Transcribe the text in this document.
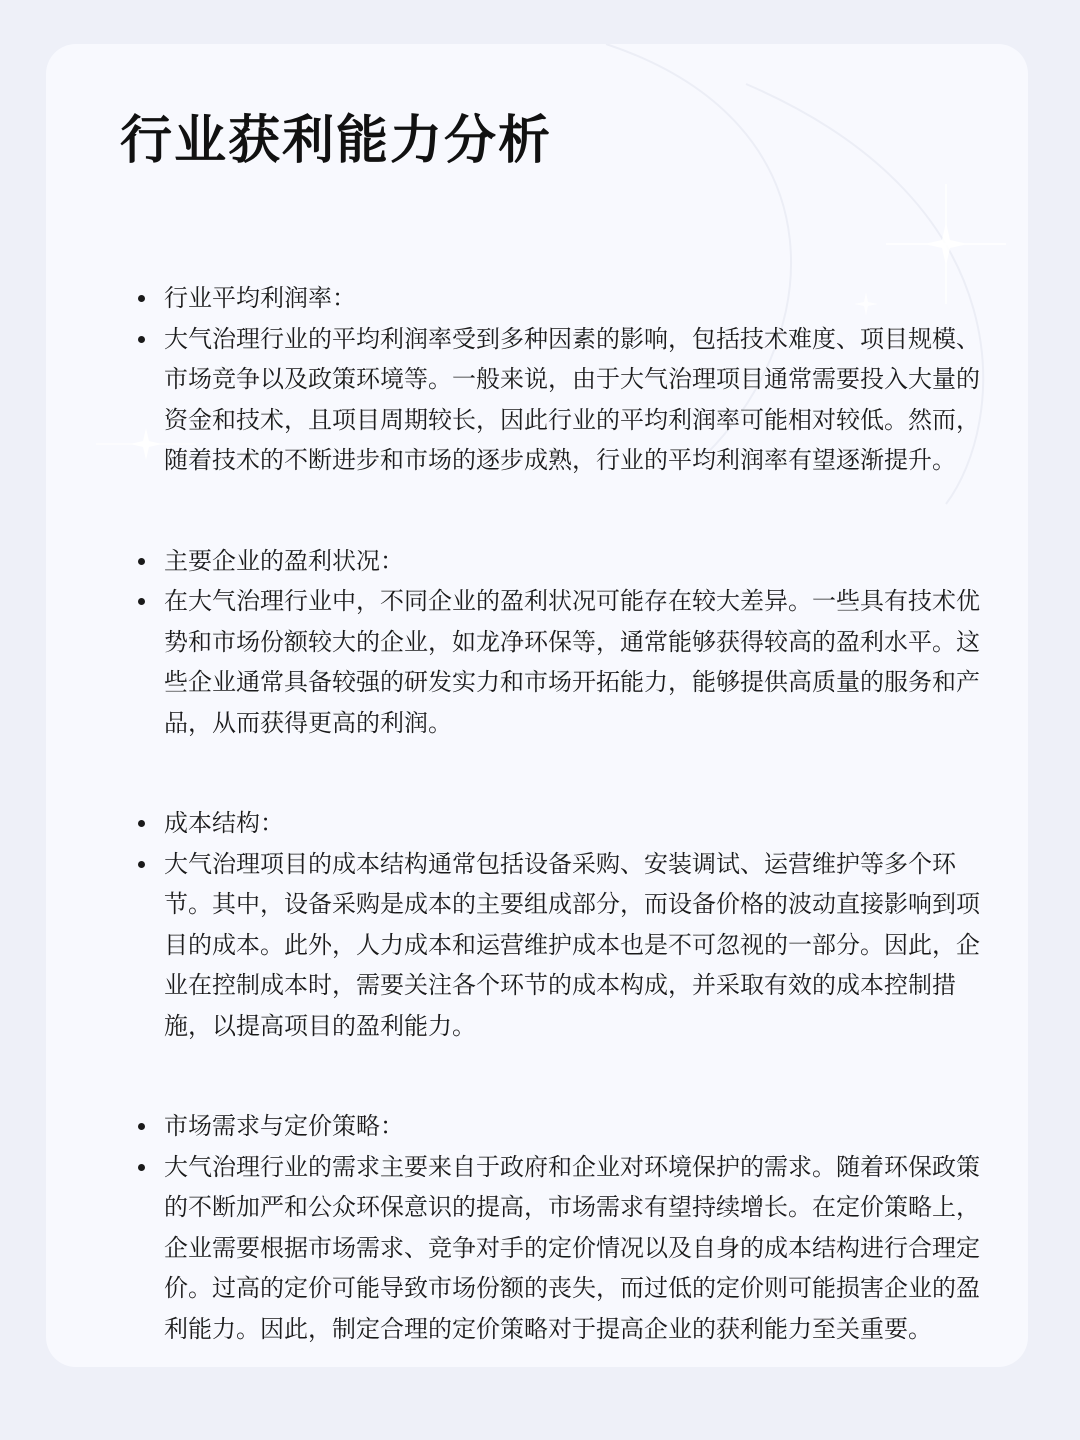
行业获利能力分析
行业平均利润率：
大气治理行业的平均利润率受到多种因素的影响，包括技术难度、项目规模、市场竞争以及政策环境等。一般来说，由于大气治理项目通常需要投入大量的资金和技术，且项目周期较长，因此行业的平均利润率可能相对较低。然而，随着技术的不断进步和市场的逐步成熟，行业的平均利润率有望逐渐提升。
主要企业的盈利状况：
在大气治理行业中，不同企业的盈利状况可能存在较大差异。一些具有技术优势和市场份额较大的企业，如龙净环保等，通常能够获得较高的盈利水平。这些企业通常具备较强的研发实力和市场开拓能力，能够提供高质量的服务和产品，从而获得更高的利润。
成本结构：
大气治理项目的成本结构通常包括设备采购、安装调试、运营维护等多个环节。其中，设备采购是成本的主要组成部分，而设备价格的波动直接影响到项目的成本。此外，人力成本和运营维护成本也是不可忽视的一部分。因此，企业在控制成本时，需要关注各个环节的成本构成，并采取有效的成本控制措施，以提高项目的盈利能力。
市场需求与定价策略：
大气治理行业的需求主要来自于政府和企业对环境保护的需求。随着环保政策的不断加严和公众环保意识的提高，市场需求有望持续增长。在定价策略上，企业需要根据市场需求、竞争对手的定价情况以及自身的成本结构进行合理定价。过高的定价可能导致市场份额的丧失，而过低的定价则可能损害企业的盈利能力。因此，制定合理的定价策略对于提高企业的获利能力至关重要。
